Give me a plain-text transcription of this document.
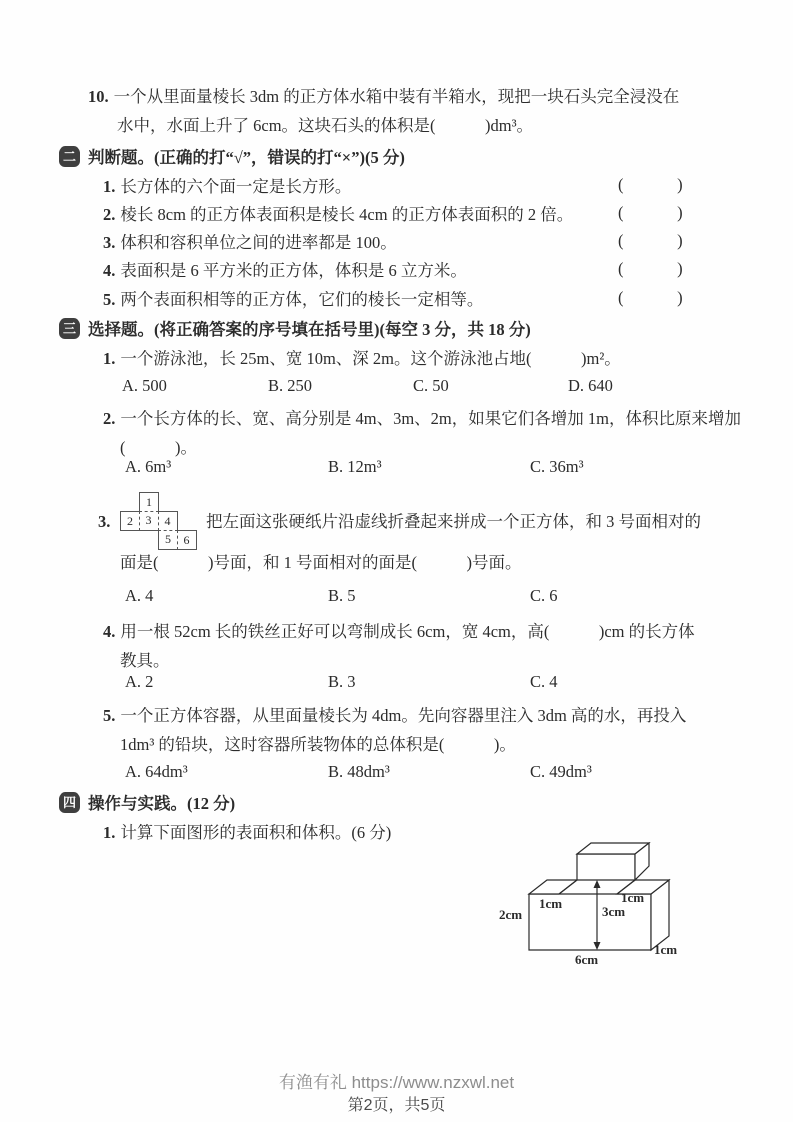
10. 一个从里面量棱长 3dm 的正方体水箱中装有半箱水，现把一块石头完全浸没在
水中，水面上升了 6cm。这块石头的体积是(            )dm³。
二 判断题。(正确的打“√”，错误的打“×”)(5 分)
1. 长方体的六个面一定是长方形。	(             )
2. 棱长 8cm 的正方体表面积是棱长 4cm 的正方体表面积的 2 倍。	(             )
3. 体积和容积单位之间的进率都是 100。	(             )
4. 表面积是 6 平方米的正方体，体积是 6 立方米。	(             )
5. 两个表面积相等的正方体，它们的棱长一定相等。	(             )
三 选择题。(将正确答案的序号填在括号里)(每空 3 分，共 18 分)
1. 一个游泳池，长 25m、宽 10m、深 2m。这个游泳池占地(            )m²。
A. 500	B. 250	C. 50	D. 640
2. 一个长方体的长、宽、高分别是 4m、3m、2m，如果它们各增加 1m，体积比原来增加
(            )。
A. 6m³	B. 12m³	C. 36m³
3.
1
2	3	4
5	6
把左面这张硬纸片沿虚线折叠起来拼成一个正方体，和 3 号面相对的
面是(            )号面，和 1 号面相对的面是(            )号面。
A. 4	B. 5	C. 6
4. 用一根 52cm 长的铁丝正好可以弯制成长 6cm，宽 4cm，高(            )cm 的长方体
教具。
A. 2	B. 3	C. 4
5. 一个正方体容器，从里面量棱长为 4dm。先向容器里注入 3dm 高的水，再投入
1dm³ 的铅块，这时容器所装物体的总体积是(            )。
A. 64dm³	B. 48dm³	C. 49dm³
四 操作与实践。(12 分)
1. 计算下面图形的表面积和体积。(6 分)
1cm
3cm
1cm
2cm
6cm
1cm
有渔有礼 https://www.nzxwl.net
第2页，共5页
